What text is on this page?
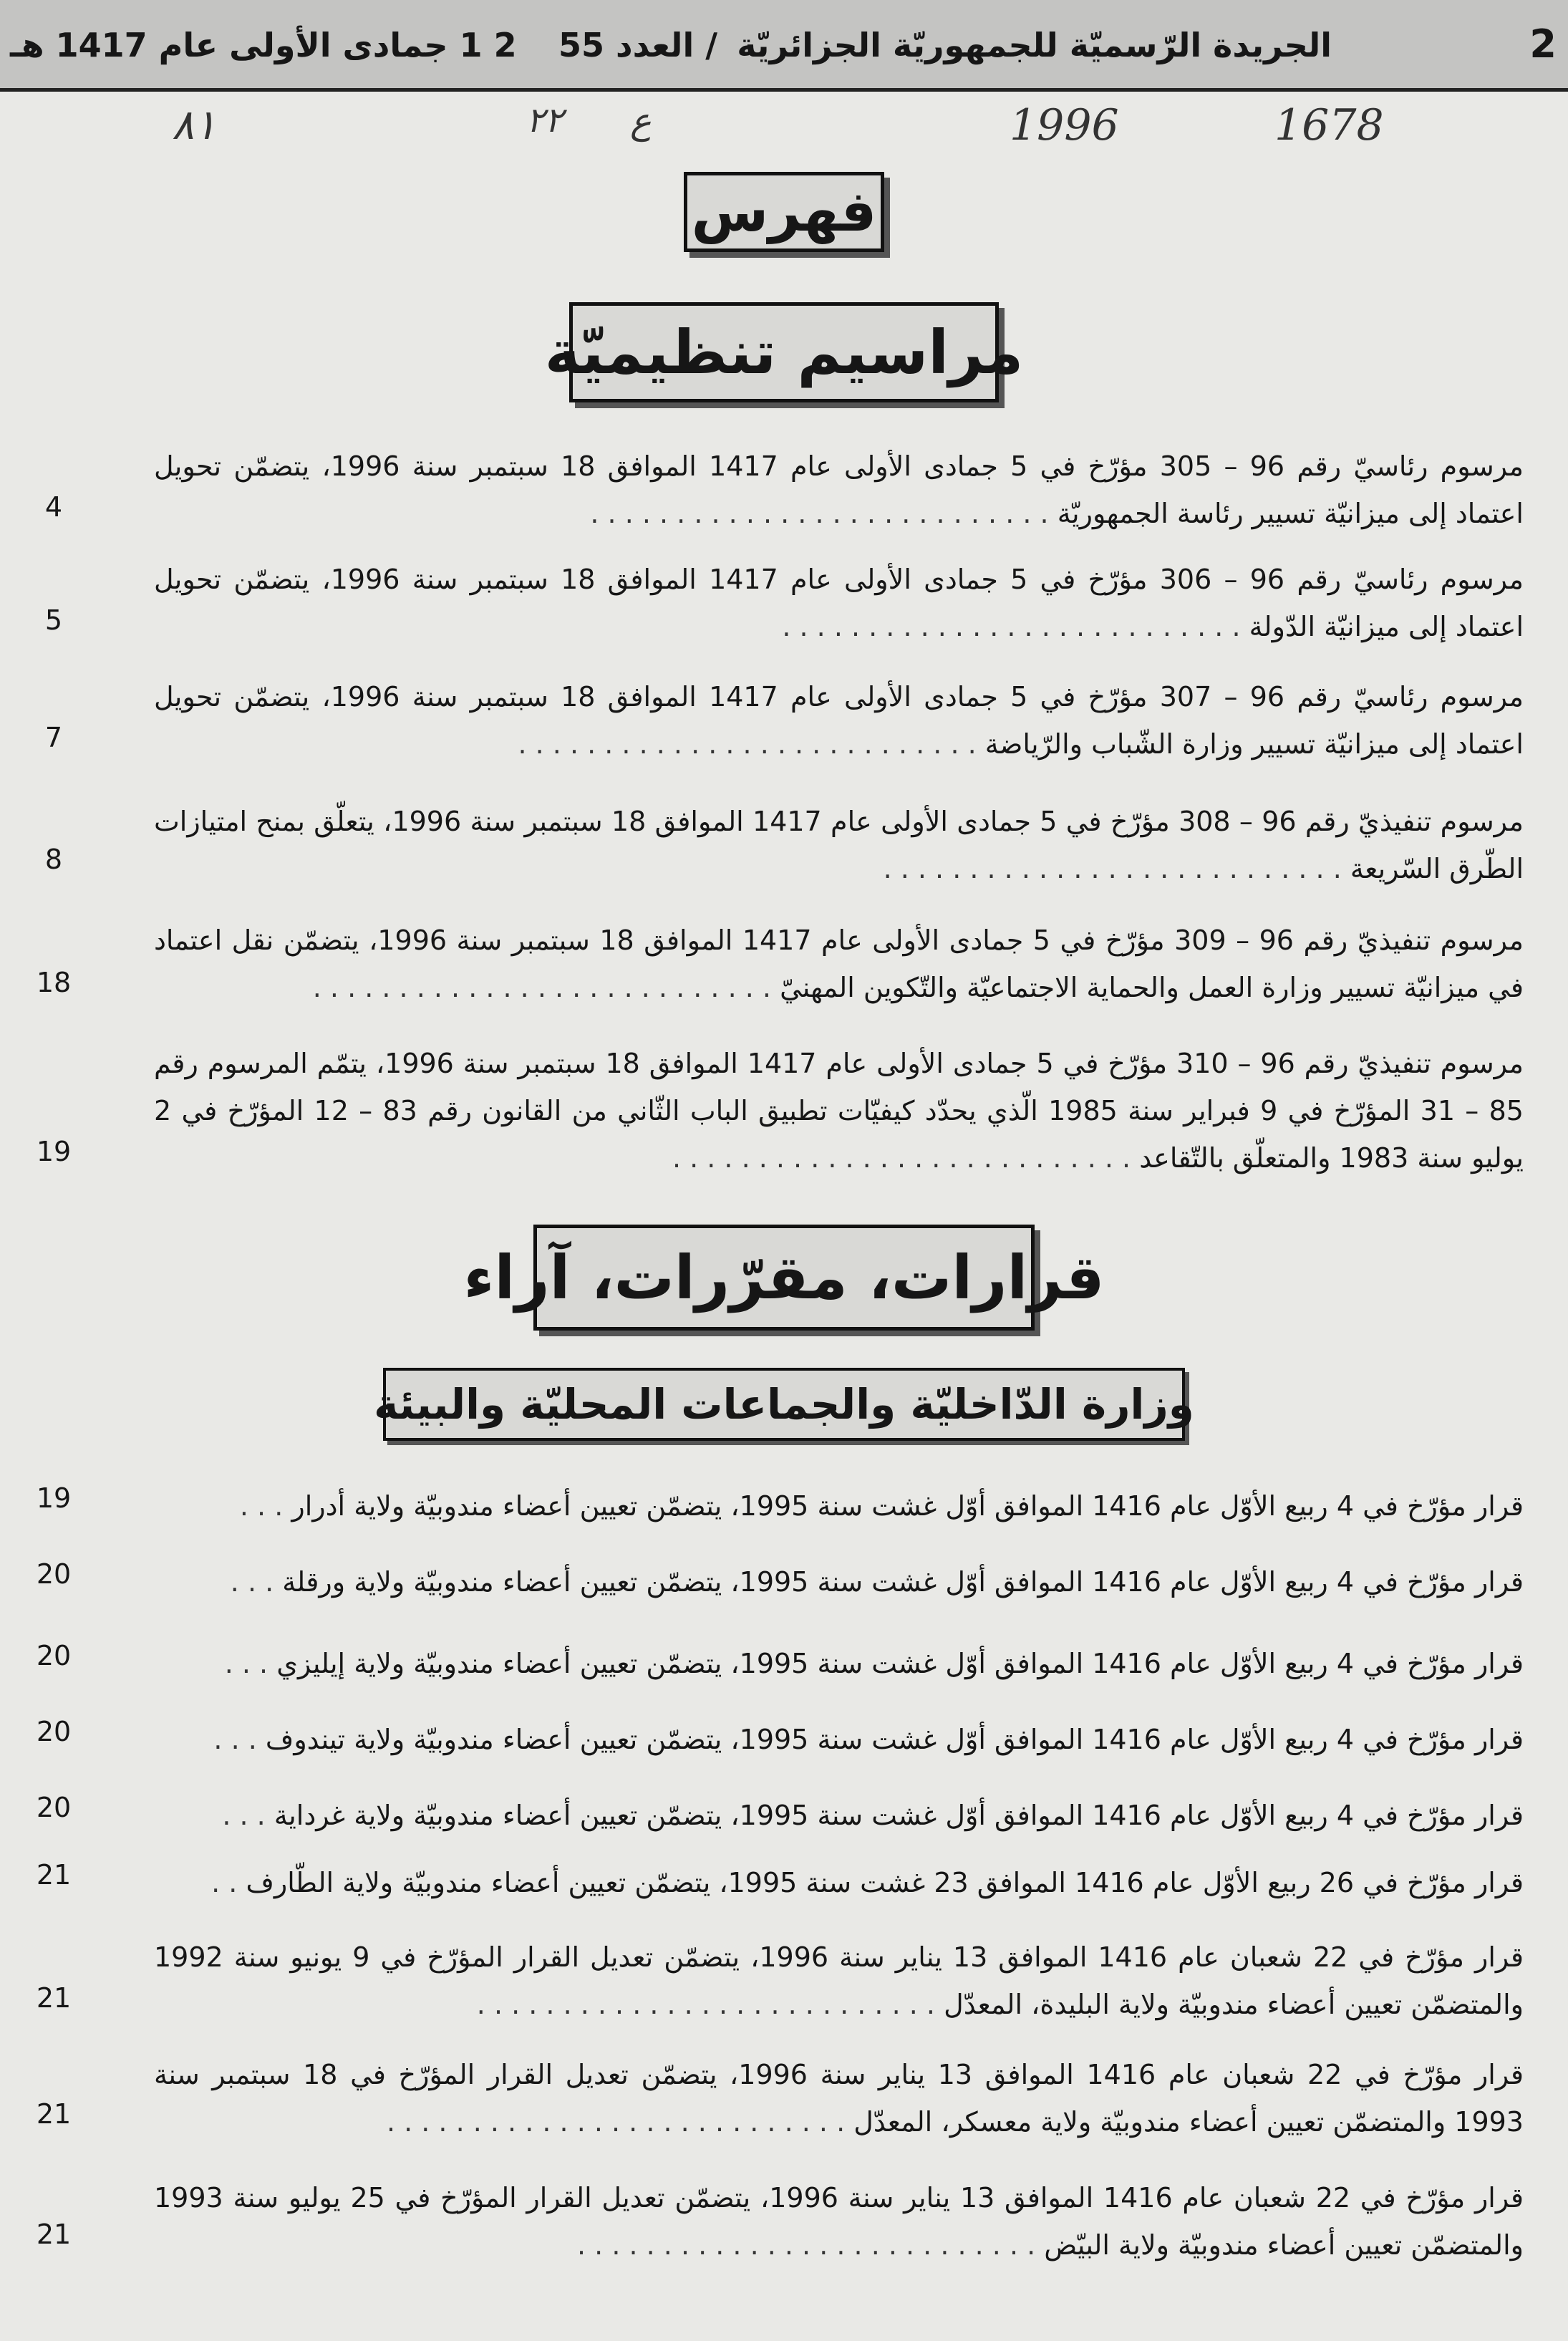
2
الجريدة الرّسميّة للجمهوريّة الجزائريّة
/ العدد 55
2 1 جمادى الأولى عام 1417 هـ
1678
1996
ع
٢٢
٨١
فهرس
مراسيم تنظيميّة
مرسوم رئاسيّ رقم 96 – 305 مؤرّخ في 5 جمادى الأولى عام 1417 الموافق 18 سبتمبر سنة 1996، يتضمّن تحويل اعتماد إلى ميزانيّة تسيير رئاسة الجمهوريّة . . . . . . . . . . . . . . . . . . . . . . . . . . .
4
مرسوم رئاسيّ رقم 96 – 306 مؤرّخ في 5 جمادى الأولى عام 1417 الموافق 18 سبتمبر سنة 1996، يتضمّن تحويل اعتماد إلى ميزانيّة الدّولة . . . . . . . . . . . . . . . . . . . . . . . . . . .
5
مرسوم رئاسيّ رقم 96 – 307 مؤرّخ في 5 جمادى الأولى عام 1417 الموافق 18 سبتمبر سنة 1996، يتضمّن تحويل اعتماد إلى ميزانيّة تسيير وزارة الشّباب والرّياضة . . . . . . . . . . . . . . . . . . . . . . . . . . .
7
مرسوم تنفيذيّ رقم 96 – 308 مؤرّخ في 5 جمادى الأولى عام 1417 الموافق 18 سبتمبر سنة 1996، يتعلّق بمنح امتيازات الطّرق السّريعة . . . . . . . . . . . . . . . . . . . . . . . . . . .
8
مرسوم تنفيذيّ رقم 96 – 309 مؤرّخ في 5 جمادى الأولى عام 1417 الموافق 18 سبتمبر سنة 1996، يتضمّن نقل اعتماد في ميزانيّة تسيير وزارة العمل والحماية الاجتماعيّة والتّكوين المهنيّ . . . . . . . . . . . . . . . . . . . . . . . . . . .
18
مرسوم تنفيذيّ رقم 96 – 310 مؤرّخ في 5 جمادى الأولى عام 1417 الموافق 18 سبتمبر سنة 1996، يتمّم المرسوم رقم 85 – 31 المؤرّخ في 9 فبراير سنة 1985 الّذي يحدّد كيفيّات تطبيق الباب الثّاني من القانون رقم 83 – 12 المؤرّخ في 2 يوليو سنة 1983 والمتعلّق بالتّقاعد . . . . . . . . . . . . . . . . . . . . . . . . . . .
19
قرارات، مقرّرات، آراء
وزارة الدّاخليّة والجماعات المحليّة والبيئة
قرار مؤرّخ في 4 ربيع الأوّل عام 1416 الموافق أوّل غشت سنة 1995، يتضمّن تعيين أعضاء مندوبيّة ولاية أدرار . . .
19
قرار مؤرّخ في 4 ربيع الأوّل عام 1416 الموافق أوّل غشت سنة 1995، يتضمّن تعيين أعضاء مندوبيّة ولاية ورقلة . . .
20
قرار مؤرّخ في 4 ربيع الأوّل عام 1416 الموافق أوّل غشت سنة 1995، يتضمّن تعيين أعضاء مندوبيّة ولاية إيليزي . . .
20
قرار مؤرّخ في 4 ربيع الأوّل عام 1416 الموافق أوّل غشت سنة 1995، يتضمّن تعيين أعضاء مندوبيّة ولاية تيندوف . . .
20
قرار مؤرّخ في 4 ربيع الأوّل عام 1416 الموافق أوّل غشت سنة 1995، يتضمّن تعيين أعضاء مندوبيّة ولاية غرداية . . .
20
قرار مؤرّخ في 26 ربيع الأوّل عام 1416 الموافق 23 غشت سنة 1995، يتضمّن تعيين أعضاء مندوبيّة ولاية الطّارف . .
21
قرار مؤرّخ في 22 شعبان عام 1416 الموافق 13 يناير سنة 1996، يتضمّن تعديل القرار المؤرّخ في 9 يونيو سنة 1992 والمتضمّن تعيين أعضاء مندوبيّة ولاية البليدة، المعدّل . . . . . . . . . . . . . . . . . . . . . . . . . . .
21
قرار مؤرّخ في 22 شعبان عام 1416 الموافق 13 يناير سنة 1996، يتضمّن تعديل القرار المؤرّخ في 18 سبتمبر سنة 1993 والمتضمّن تعيين أعضاء مندوبيّة ولاية معسكر، المعدّل . . . . . . . . . . . . . . . . . . . . . . . . . . .
21
قرار مؤرّخ في 22 شعبان عام 1416 الموافق 13 يناير سنة 1996، يتضمّن تعديل القرار المؤرّخ في 25 يوليو سنة 1993 والمتضمّن تعيين أعضاء مندوبيّة ولاية البيّض . . . . . . . . . . . . . . . . . . . . . . . . . . .
21
